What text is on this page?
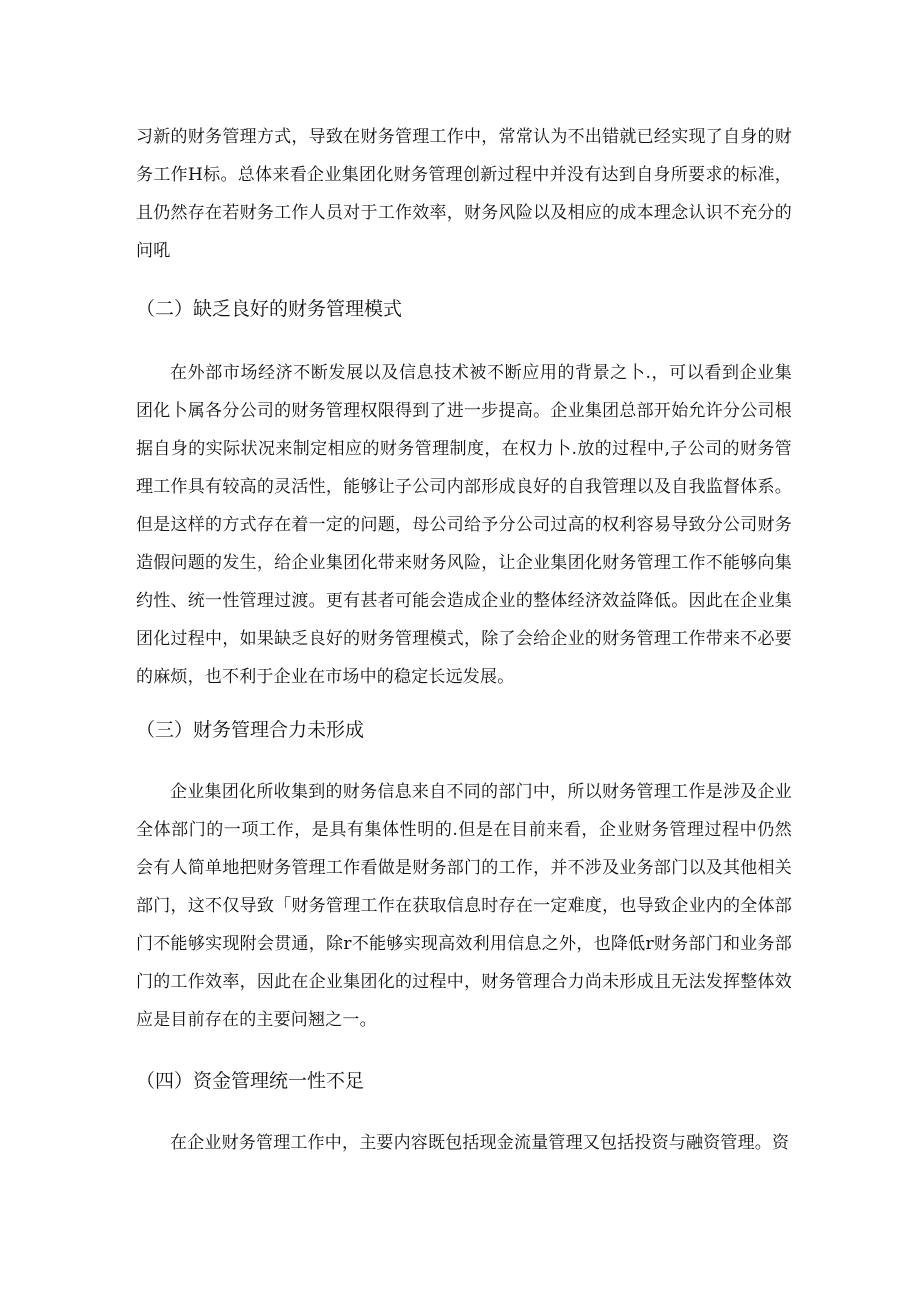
习新的财务管理方式，导致在财务管理工作中，常常认为不出错就已经实现了自身的财务工作H标。总体来看企业集团化财务管理创新过程中并没有达到自身所要求的标准，且仍然存在若财务工作人员对于工作效率，财务风险以及相应的成本理念认识不充分的问吼

（二）缺乏良好的财务管理模式

在外部市场经济不断发展以及信息技术被不断应用的背景之卜.，可以看到企业集团化卜属各分公司的财务管理权限得到了进一步提高。企业集团总部开始允许分公司根据自身的实际状况来制定相应的财务管理制度，在权力卜.放的过程中,子公司的财务管理工作具有较高的灵活性，能够让子公司内部形成良好的自我管理以及自我监督体系。但是这样的方式存在着一定的问题，母公司给予分公司过高的权利容易导致分公司财务造假问题的发生，给企业集团化带来财务风险，让企业集团化财务管理工作不能够向集约性、统一性管理过渡。更有甚者可能会造成企业的整体经济效益降低。因此在企业集团化过程中，如果缺乏良好的财务管理模式，除了会给企业的财务管理工作带来不必要的麻烦，也不利于企业在市场中的稳定长远发展。

（三）财务管理合力未形成

企业集团化所收集到的财务信息来自不同的部门中，所以财务管理工作是涉及企业全体部门的一项工作，是具有集体性明的.但是在目前来看，企业财务管理过程中仍然会有人简单地把财务管理工作看做是财务部门的工作，并不涉及业务部门以及其他相关部门，这不仅导致「财务管理工作在获取信息时存在一定难度，也导致企业内的全体部门不能够实现附会贯通，除r不能够实现高效利用信息之外，也降低r财务部门和业务部门的工作效率，因此在企业集团化的过程中，财务管理合力尚未形成且无法发挥整体效应是目前存在的主要问翘之一。

（四）资金管理统一性不足

在企业财务管理工作中，主要内容既包括现金流量管理又包括投资与融资管理。资
